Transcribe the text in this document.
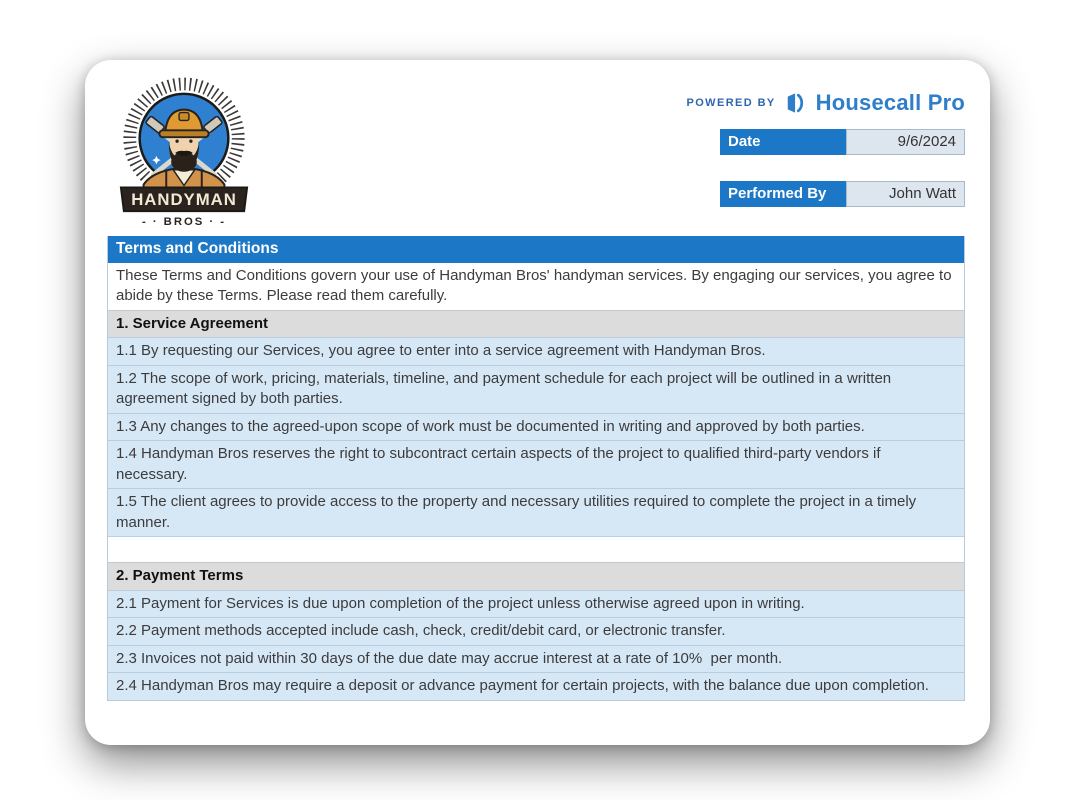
HANDYMAN
- · BROS · -
POWERED BY Housecall Pro
Date	9/6/2024
Performed By	John Watt
Terms and Conditions
These Terms and Conditions govern your use of Handyman Bros' handyman services. By engaging our services, you agree to abide by these Terms. Please read them carefully.
1. Service Agreement
1.1 By requesting our Services, you agree to enter into a service agreement with Handyman Bros.
1.2 The scope of work, pricing, materials, timeline, and payment schedule for each project will be outlined in a written agreement signed by both parties.
1.3 Any changes to the agreed-upon scope of work must be documented in writing and approved by both parties.
1.4 Handyman Bros reserves the right to subcontract certain aspects of the project to qualified third-party vendors if necessary.
1.5 The client agrees to provide access to the property and necessary utilities required to complete the project in a timely manner.
2. Payment Terms
2.1 Payment for Services is due upon completion of the project unless otherwise agreed upon in writing.
2.2 Payment methods accepted include cash, check, credit/debit card, or electronic transfer.
2.3 Invoices not paid within 30 days of the due date may accrue interest at a rate of 10%  per month.
2.4 Handyman Bros may require a deposit or advance payment for certain projects, with the balance due upon completion.
